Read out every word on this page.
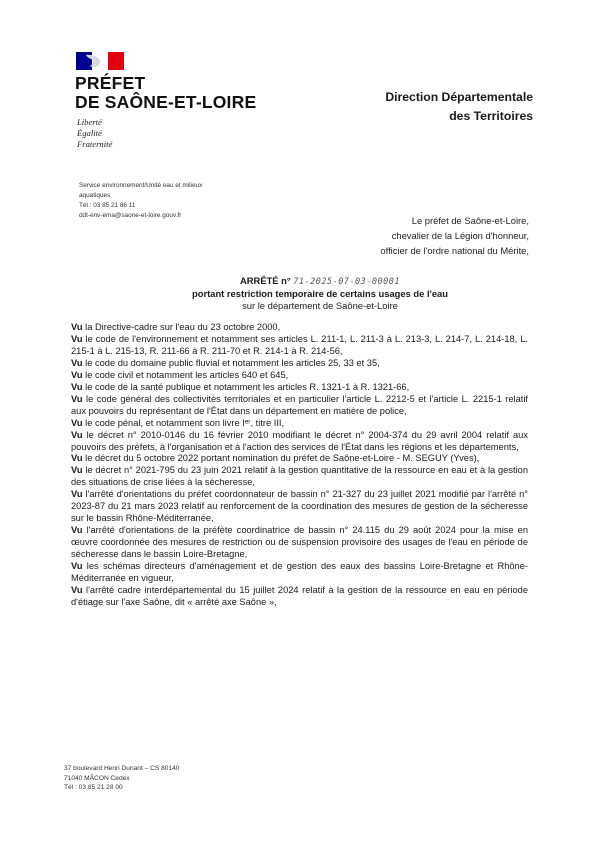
PRÉFET
DE SAÔNE-ET-LOIRE
Liberté
Égalité
Fraternité
Direction Départementale
des Territoires
Service environnement/Unité eau et milieux
aquatiques
Tél : 03 85 21 86 11
ddt-env-ema@saone-et-loire.gouv.fr	Le préfet de Saône-et-Loire,
chevalier de la Légion d'honneur,
officier de l'ordre national du Mérite,
ARRÊTÉ n° 71-2025-07-03-00001
portant restriction temporaire de certains usages de l'eau
sur le département de Saône-et-Loire

Vu la Directive-cadre sur l'eau du 23 octobre 2000,

Vu le code de l'environnement et notamment ses articles L. 211-1, L. 211-3 à L. 213-3, L. 214-7, L. 214-18, L. 215-1 à L. 215-13, R. 211-66 à R. 211-70 et R. 214-1 à R. 214-56,

Vu le code du domaine public fluvial et notamment les articles 25, 33 et 35,

Vu le code civil et notamment les articles 640 et 645,

Vu le code de la santé publique et notamment les articles R. 1321-1 à R. 1321-66,

Vu le code général des collectivités territoriales et en particulier l'article L. 2212-5 et l'article L. 2215-1 relatif aux pouvoirs du représentant de l'État dans un département en matière de police,

Vu le code pénal, et notamment son livre Iᵉʳ, titre III,

Vu le décret n° 2010-0146 du 16 février 2010 modifiant le décret n° 2004-374 du 29 avril 2004 relatif aux pouvoirs des préfets, à l'organisation et à l'action des services de l'État dans les régions et les départements,

Vu le décret du 5 octobre 2022 portant nomination du préfet de Saône-et-Loire - M. SEGUY (Yves),

Vu le décret n° 2021-795 du 23 juin 2021 relatif à la gestion quantitative de la ressource en eau et à la gestion des situations de crise liées à la sécheresse,

Vu l'arrêté d'orientations du préfet coordonnateur de bassin n° 21-327 du 23 juillet 2021 modifié par l'arrêté n° 2023-87 du 21 mars 2023 relatif au renforcement de la coordination des mesures de gestion de la sécheresse sur le bassin Rhône-Méditerranée,

Vu l'arrêté d'orientations de la préfète coordinatrice de bassin n° 24.115 du 29 août 2024 pour la mise en œuvre coordonnée des mesures de restriction ou de suspension provisoire des usages de l'eau en période de sécheresse dans le bassin Loire-Bretagne,

Vu les schémas directeurs d'aménagement et de gestion des eaux des bassins Loire-Bretagne et Rhône-Méditerranée en vigueur,

Vu l'arrêté cadre interdépartemental du 15 juillet 2024 relatif à la gestion de la ressource en eau en période d'étiage sur l'axe Saône, dit « arrêté axe Saône »,

37 boulevard Henri Dunant – CS 80140
71040 MÂCON Cedex
Tél : 03 85 21 28 00
